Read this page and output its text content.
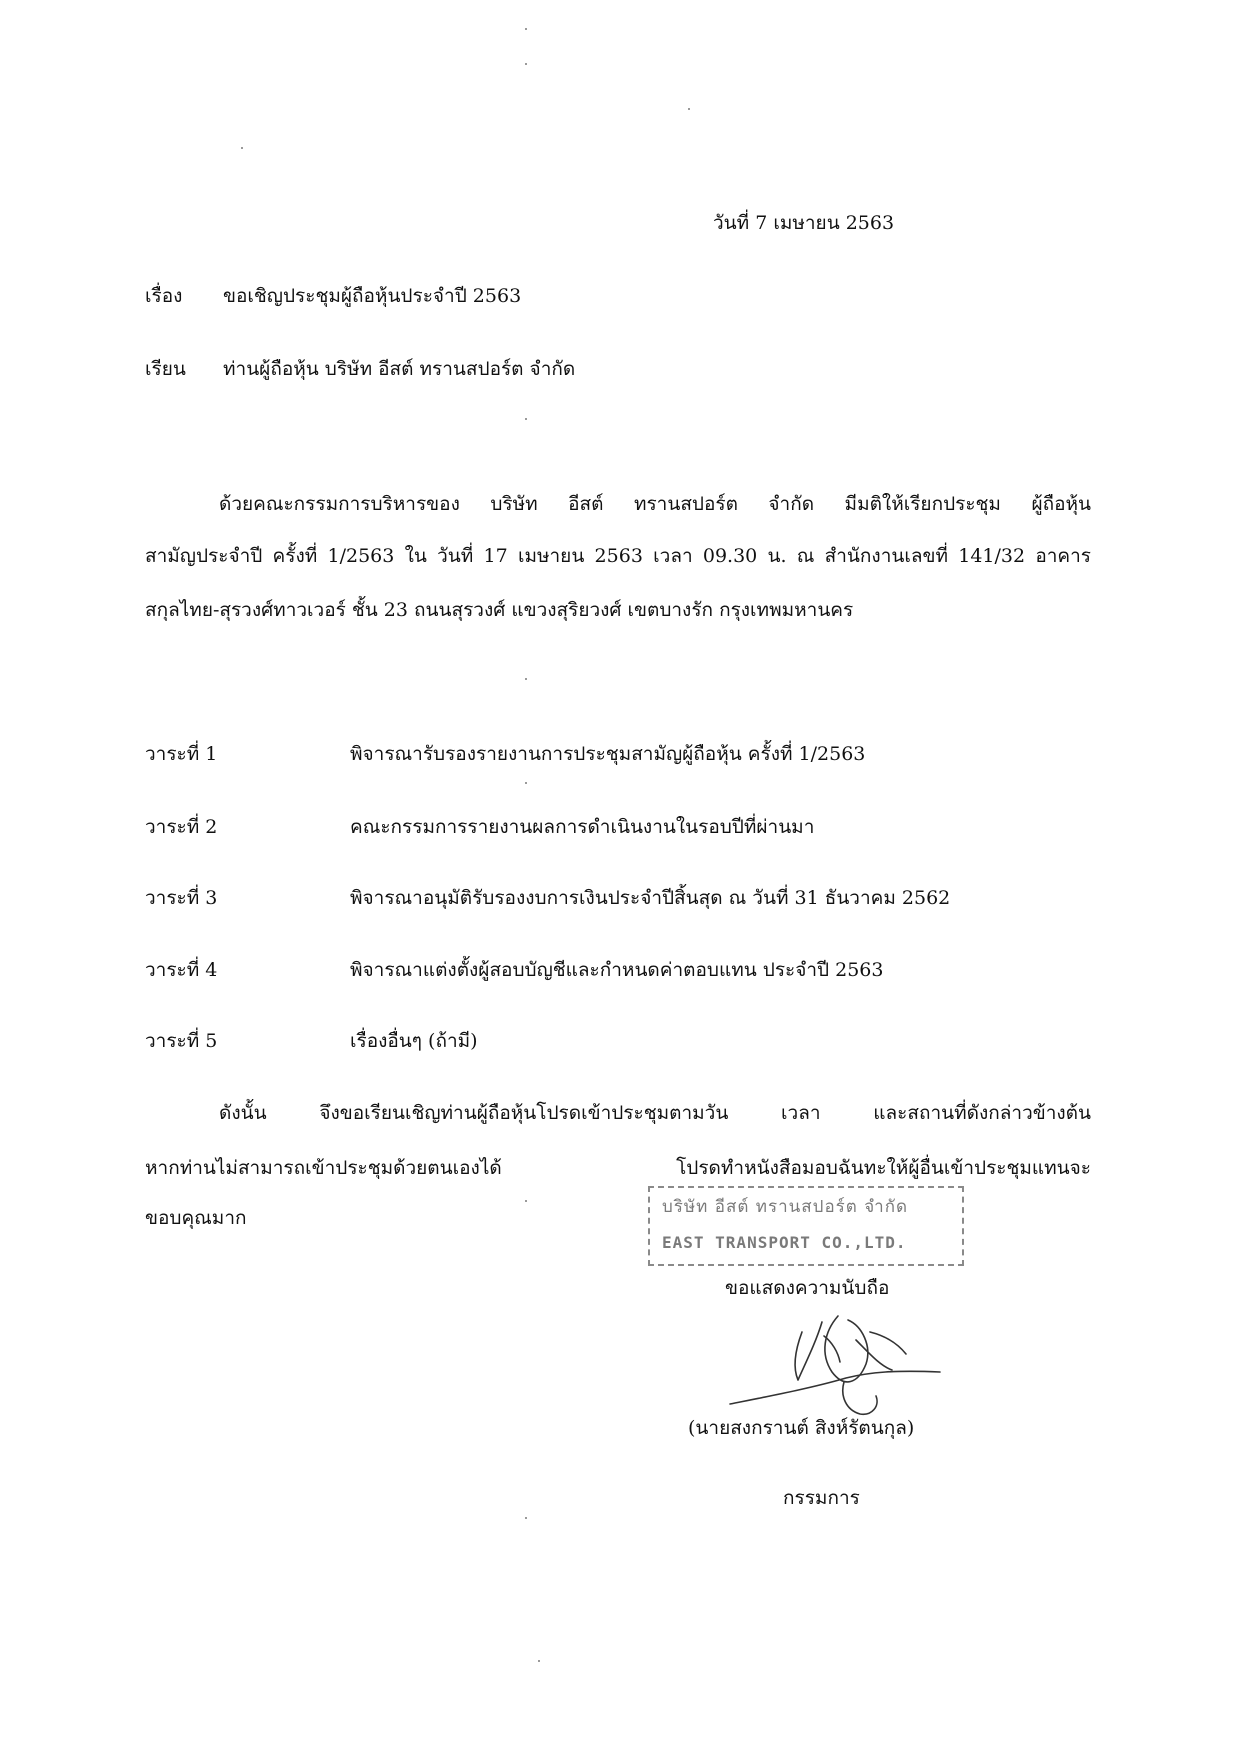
วันที่ 7 เมษายน 2563
เรื่อง ขอเชิญประชุมผู้ถือหุ้นประจำปี 2563
เรียน ท่านผู้ถือหุ้น บริษัท อีสต์ ทรานสปอร์ต จำกัด
ด้วยคณะกรรมการบริหารของ บริษัท อีสต์ ทรานสปอร์ต จำกัด มีมติให้เรียกประชุม ผู้ถือหุ้น
สามัญประจำปี ครั้งที่ 1/2563 ใน วันที่ 17 เมษายน 2563 เวลา 09.30 น. ณ สำนักงานเลขที่ 141/32 อาคาร
สกุลไทย-สุรวงศ์ทาวเวอร์ ชั้น 23 ถนนสุรวงศ์ แขวงสุริยวงศ์ เขตบางรัก กรุงเทพมหานคร
วาระที่ 1	พิจารณารับรองรายงานการประชุมสามัญผู้ถือหุ้น ครั้งที่ 1/2563
วาระที่ 2	คณะกรรมการรายงานผลการดำเนินงานในรอบปีที่ผ่านมา
วาระที่ 3	พิจารณาอนุมัติรับรองงบการเงินประจำปีสิ้นสุด ณ วันที่ 31 ธันวาคม 2562
วาระที่ 4	พิจารณาแต่งตั้งผู้สอบบัญชีและกำหนดค่าตอบแทน ประจำปี 2563
วาระที่ 5	เรื่องอื่นๆ (ถ้ามี)
ดังนั้น จึงขอเรียนเชิญท่านผู้ถือหุ้นโปรดเข้าประชุมตามวัน เวลา และสถานที่ดังกล่าวข้างต้น
หากท่านไม่สามารถเข้าประชุมด้วยตนเองได้ โปรดทำหนังสือมอบฉันทะให้ผู้อื่นเข้าประชุมแทนจะ
ขอบคุณมาก	บริษัท อีสต์ ทรานสปอร์ต จำกัด
EAST TRANSPORT CO.,LTD.
ขอแสดงความนับถือ
(นายสงกรานต์ สิงห์รัตนกุล)
กรรมการ
